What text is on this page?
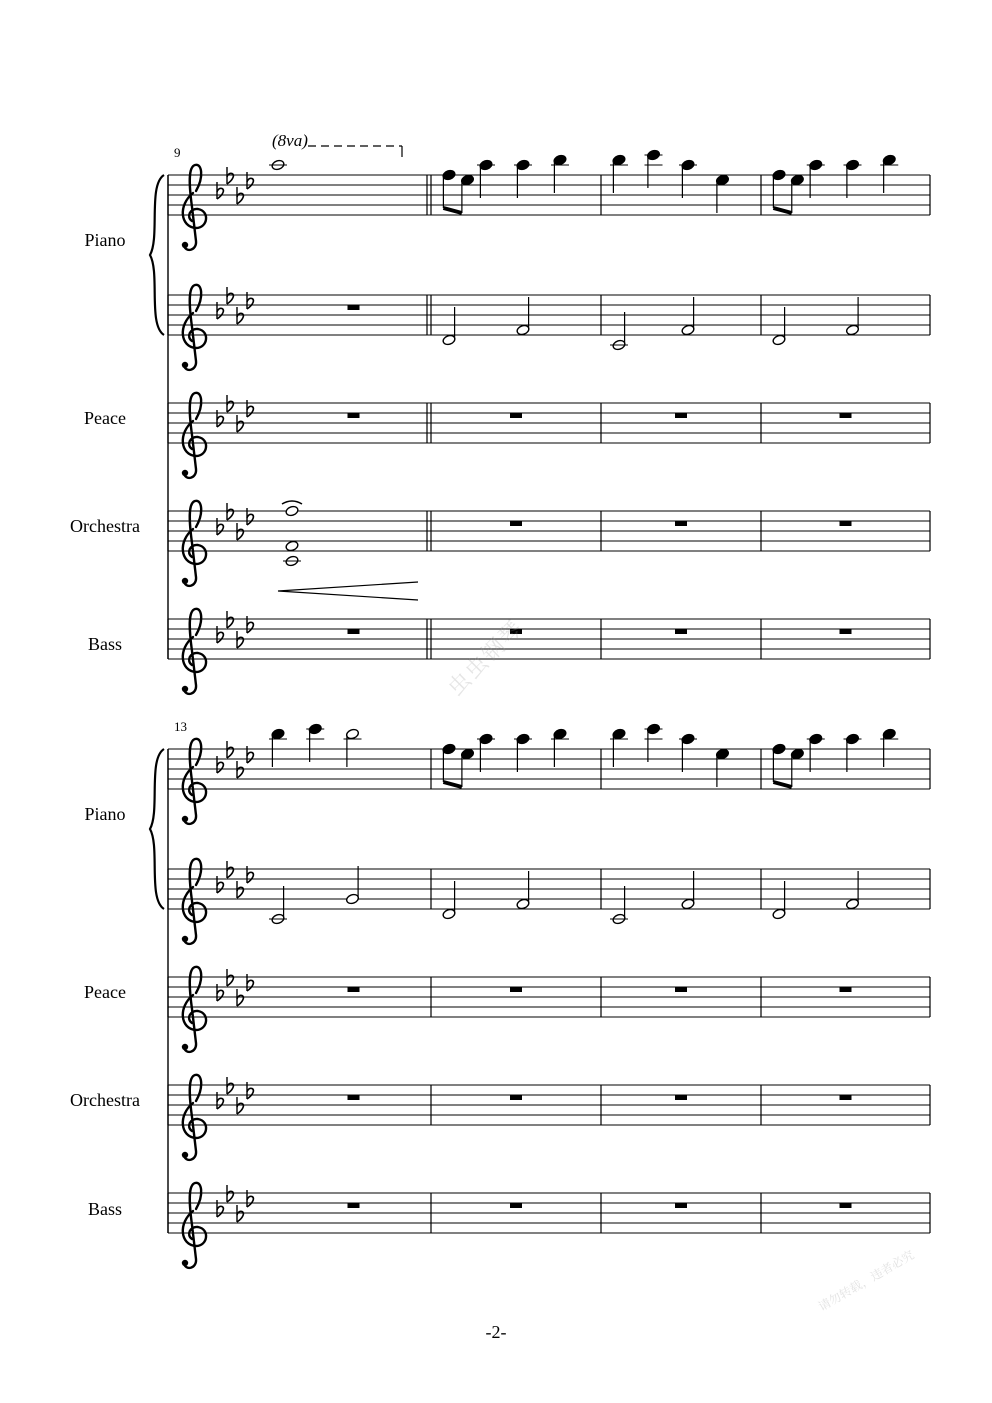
Piano
Peace
Orchestra
Bass
9
Piano
Peace
Orchestra
Bass
13
(8va)
虫虫钢琴
请勿转载，违者必究
-2-
